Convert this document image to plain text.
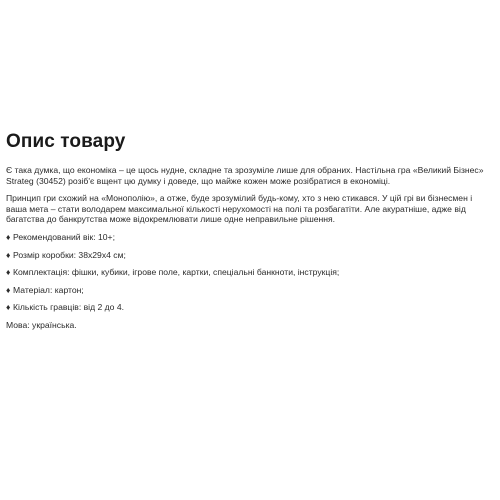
Опис товару

Є така думка, що економіка – це щось нудне, складне та зрозуміле лише для обраних. Настільна гра «Великий Бізнес»

Strateg (30452) розіб'є вщент цю думку і доведе, що майже кожен може розібратися в економіці.

Принцип гри схожий на «Монополію», а отже, буде зрозумілий будь-кому, хто з нею стикався. У цій грі ви бізнесмен і

ваша мета – стати володарем максимальної кількості нерухомості на полі та розбагатіти. Але акуратніше, адже від

багатства до банкрутства може відокремлювати лише одне неправильне рішення.

♦ Рекомендований вік: 10+;
♦ Розмір коробки: 38х29х4 см;
♦ Комплектація: фішки, кубики, ігрове поле, картки, спеціальні банкноти, інструкція;
♦ Матеріал: картон;
♦ Кількість гравців: від 2 до 4.

Мова: українська.
